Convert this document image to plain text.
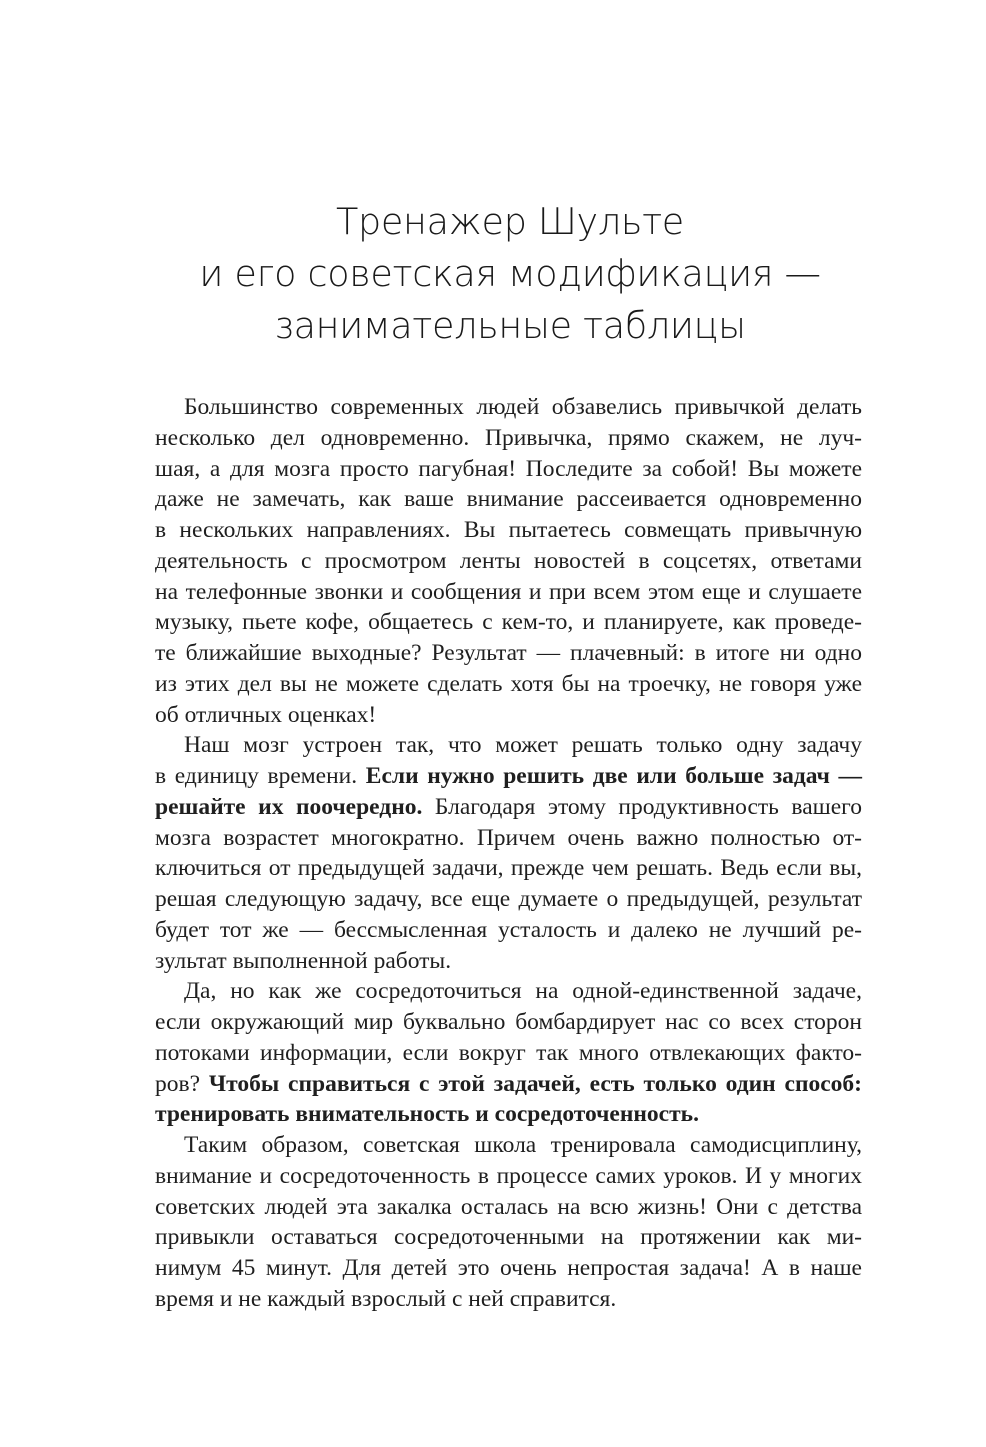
Тренажер Шульте
и его советская модификация —
занимательные таблицы
Большинство современных людей обзавелись привычкой делать
несколько дел одновременно. Привычка, прямо скажем, не луч-
шая, а для мозга просто пагубная! Последите за собой! Вы можете
даже не замечать, как ваше внимание рассеивается одновременно
в нескольких направлениях. Вы пытаетесь совмещать привычную
деятельность с просмотром ленты новостей в соцсетях, ответами
на телефонные звонки и сообщения и при всем этом еще и слушаете
музыку, пьете кофе, общаетесь с кем-то, и планируете, как проведе-
те ближайшие выходные? Результат — плачевный: в итоге ни одно
из этих дел вы не можете сделать хотя бы на троечку, не говоря уже
об отличных оценках!
Наш мозг устроен так, что может решать только одну задачу
в единицу времени. Если нужно решить две или больше задач —
решайте их поочередно. Благодаря этому продуктивность вашего
мозга возрастет многократно. Причем очень важно полностью от-
ключиться от предыдущей задачи, прежде чем решать. Ведь если вы,
решая следующую задачу, все еще думаете о предыдущей, результат
будет тот же — бессмысленная усталость и далеко не лучший ре-
зультат выполненной работы.
Да, но как же сосредоточиться на одной-единственной задаче,
если окружающий мир буквально бомбардирует нас со всех сторон
потоками информации, если вокруг так много отвлекающих факто-
ров? Чтобы справиться с этой задачей, есть только один способ:
тренировать внимательность и сосредоточенность.
Таким образом, советская школа тренировала самодисциплину,
внимание и сосредоточенность в процессе самих уроков. И у многих
советских людей эта закалка осталась на всю жизнь! Они с детства
привыкли оставаться сосредоточенными на протяжении как ми-
нимум 45 минут. Для детей это очень непростая задача! А в наше
время и не каждый взрослый с ней справится.
